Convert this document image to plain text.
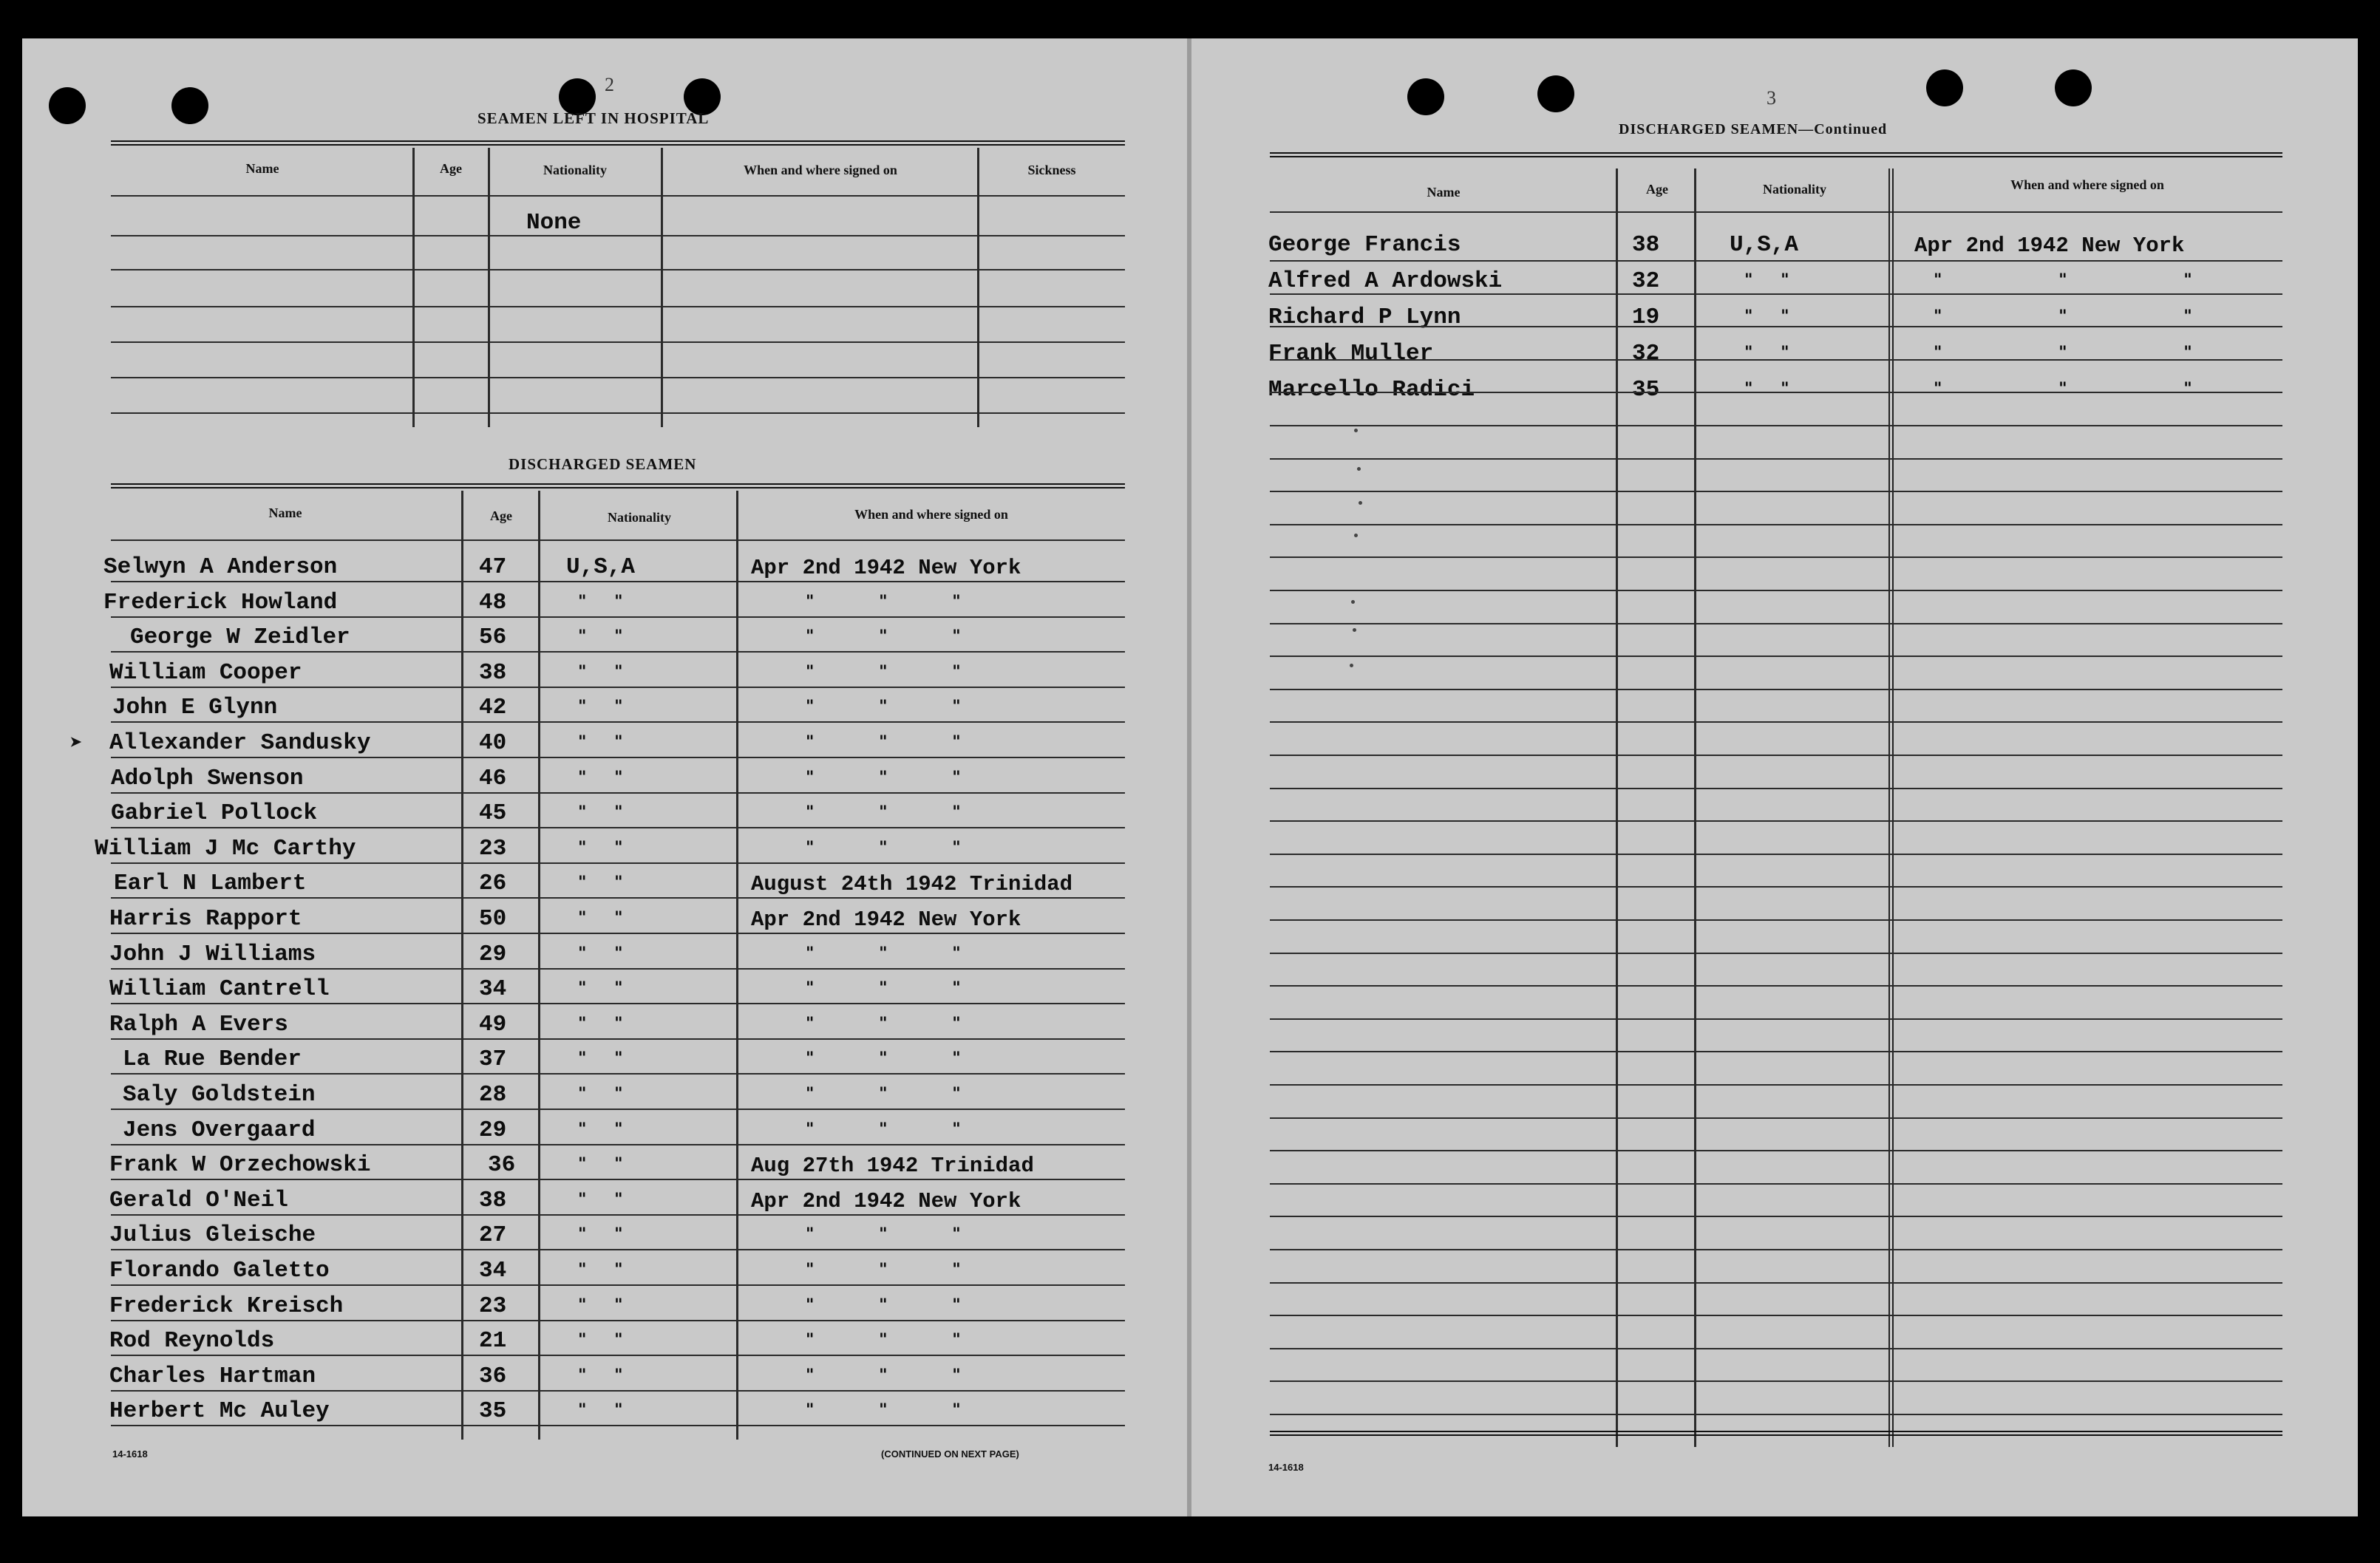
2
3
SEAMEN LEFT IN HOSPITAL
Name	Age	Nationality	When and where signed on	Sickness
None
DISCHARGED SEAMEN
Name	Age	Nationality	When and where signed on
Selwyn A Anderson	47	U,S,A	Apr 2nd 1942 New York
Frederick Howland	48	" "	" " "
George W Zeidler	56	" "	" " "
William Cooper	38	" "	" " "
John E Glynn	42	" "	" " "
Allexander Sandusky	40	" "	" " "
Adolph Swenson	46	" "	" " "
Gabriel Pollock	45	" "	" " "
William J Mc Carthy	23	" "	" " "
Earl N Lambert	26	" "	August 24th 1942 Trinidad
Harris Rapport	50	" "	Apr 2nd 1942 New York
John J Williams	29	" "	" " "
William Cantrell	34	" "	" " "
Ralph A Evers	49	" "	" " "
La Rue Bender	37	" "	" " "
Saly Goldstein	28	" "	" " "
Jens Overgaard	29	" "	" " "
Frank W Orzechowski	36	" "	Aug 27th 1942 Trinidad
Gerald O'Neil	38	" "	Apr 2nd 1942 New York
Julius Gleische	27	" "	" " "
Florando Galetto	34	" "	" " "
Frederick Kreisch	23	" "	" " "
Rod Reynolds	21	" "	" " "
Charles Hartman	36	" "	" " "
Herbert Mc Auley	35	" "	" " "
➤
14-1618	(CONTINUED ON NEXT PAGE)
DISCHARGED SEAMEN—Continued
Name	Age	Nationality	When and where signed on
George Francis	38	U,S,A	Apr 2nd 1942 New York
Alfred A Ardowski	32	" "	" " "
Richard P Lynn	19	" "	" " "
Frank Muller	32	" "	" " "
Marcello Radici	35	" "	" " "
14-1618
